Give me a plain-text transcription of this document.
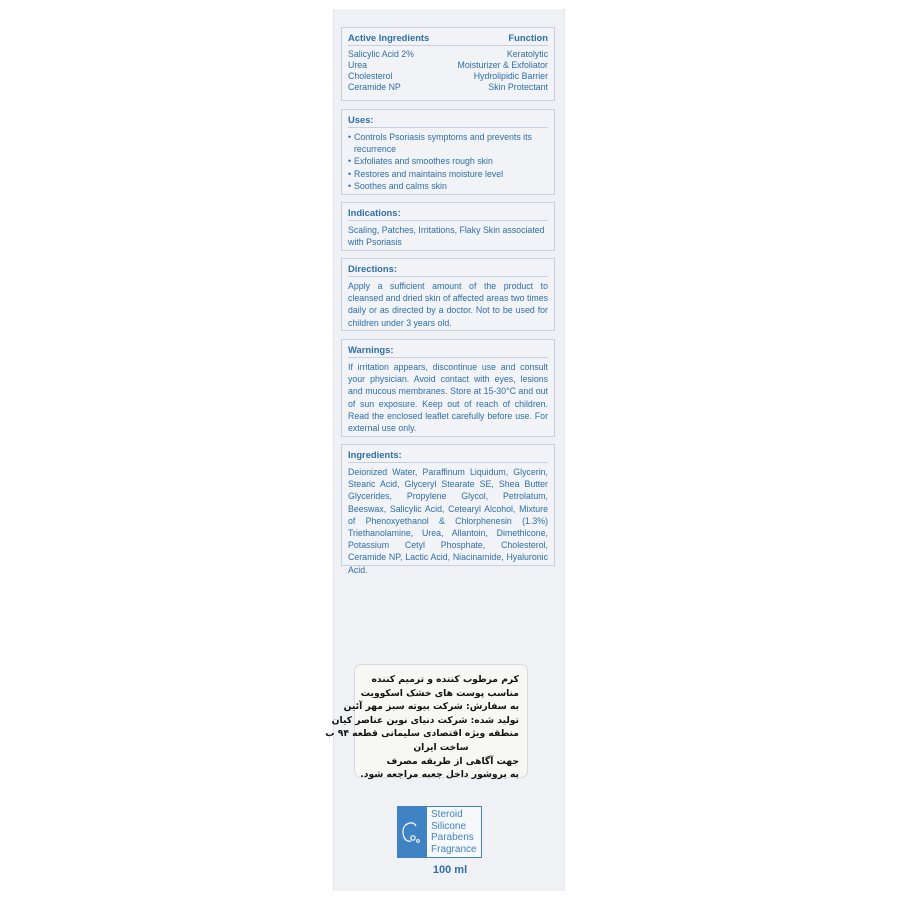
Active Ingredients	Function
Salicylic Acid 2%	Keratolytic
Urea	Moisturizer & Exfoliator
Cholesterol	Hydrolipidic Barrier
Ceramide NP	Skin Protectant
Uses:
• Controls Psoriasis symptoms and prevents its recurrence
• Exfoliates and smoothes rough skin
• Restores and maintains moisture level
• Soothes and calms skin
Indications:
Scaling, Patches, Irritations, Flaky Skin associated with Psoriasis
Directions:
Apply a sufficient amount of the product to cleansed and dried skin of affected areas two times daily or as directed by a doctor. Not to be used for children under 3 years old.
Warnings:
If irritation appears, discontinue use and consult your physician. Avoid contact with eyes, lesions and mucous membranes. Store at 15-30°C and out of sun exposure. Keep out of reach of children. Read the enclosed leaflet carefully before use. For external use only.
Ingredients:
Deionized Water, Paraffinum Liquidum, Glycerin, Stearic Acid, Glyceryl Stearate SE, Shea Butter Glycerides, Propylene Glycol, Petrolatum, Beeswax, Salicylic Acid, Cetearyl Alcohol, Mixture of Phenoxyethanol & Chlorphenesin (1.3%) Triethanolamine, Urea, Allantoin, Dimethicone, Potassium Cetyl Phosphate, Cholesterol, Ceramide NP, Lactic Acid, Niacinamide, Hyaluronic Acid.
کرم مرطوب کننده و ترمیم کننده
مناسب پوست های خشک اسکوویت
به سفارش: شرکت بیوته سبز مهر آئین
تولید شده: شرکت دنیای نوین عناصر کیان
منطقه ویژه اقتصادی سلیمانی قطعه ۹۴ ب
ساخت ایران
جهت آگاهی از طریقه مصرف
به بروشور داخل جعبه مراجعه شود.
Steroid
Silicone
Parabens
Fragrance
100 ml
